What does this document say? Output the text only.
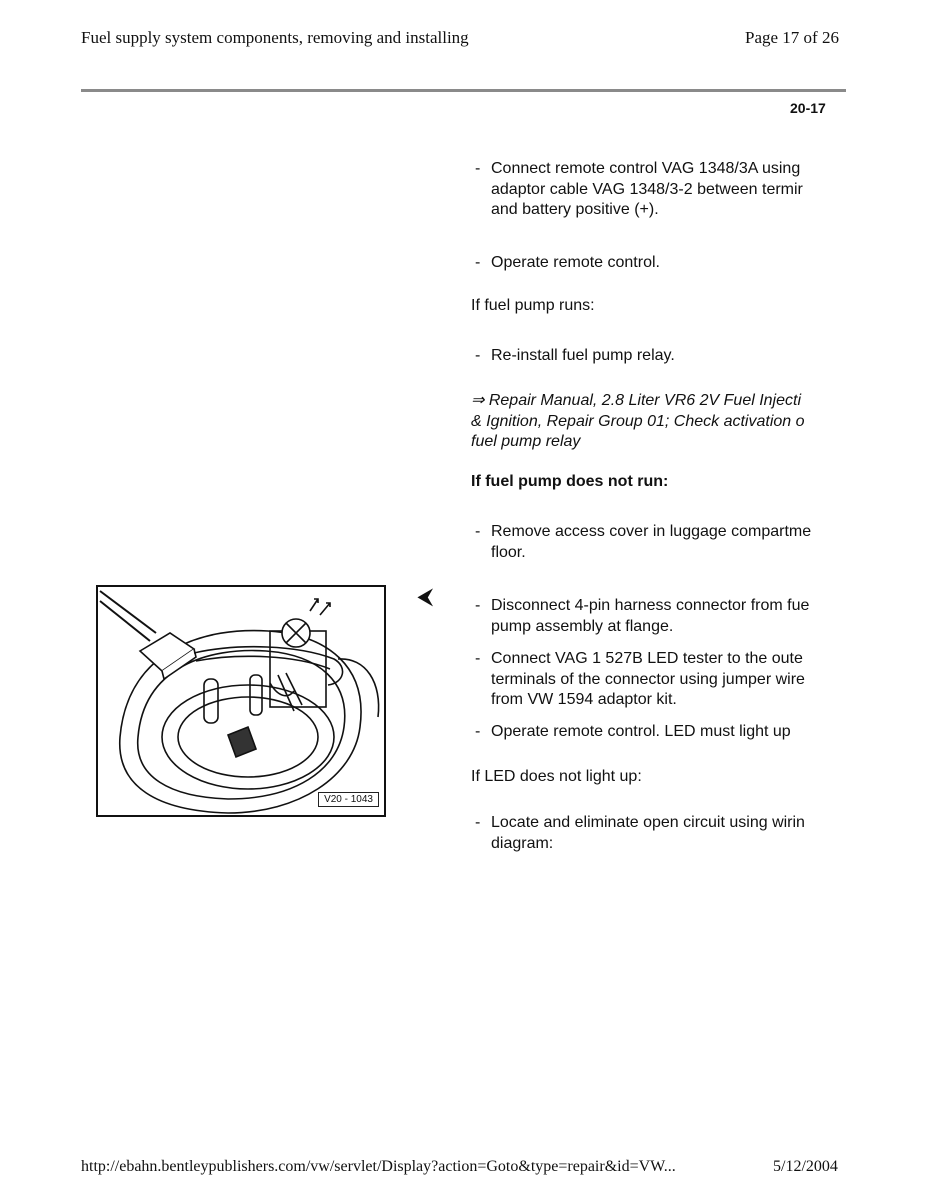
Fuel supply system components, removing and installing	Page 17 of 26
20-17
- Connect remote control VAG 1348/3A using
adaptor cable VAG 1348/3-2 between termir
and battery positive (+).
- Operate remote control.
If fuel pump runs:
- Re-install fuel pump relay.
⇒ Repair Manual, 2.8 Liter VR6 2V Fuel Injecti
& Ignition, Repair Group 01; Check activation o
fuel pump relay
If fuel pump does not run:
- Remove access cover in luggage compartme
floor.
- Disconnect 4-pin harness connector from fue
pump assembly at flange.
- Connect VAG 1 527B LED tester to the oute
terminals of the connector using jumper wire
from VW 1594 adaptor kit.
- Operate remote control. LED must light up
If LED does not light up:
- Locate and eliminate open circuit using wirin
diagram:
⮜
V20 - 1043
http://ebahn.bentleypublishers.com/vw/servlet/Display?action=Goto&type=repair&id=VW...	5/12/2004
